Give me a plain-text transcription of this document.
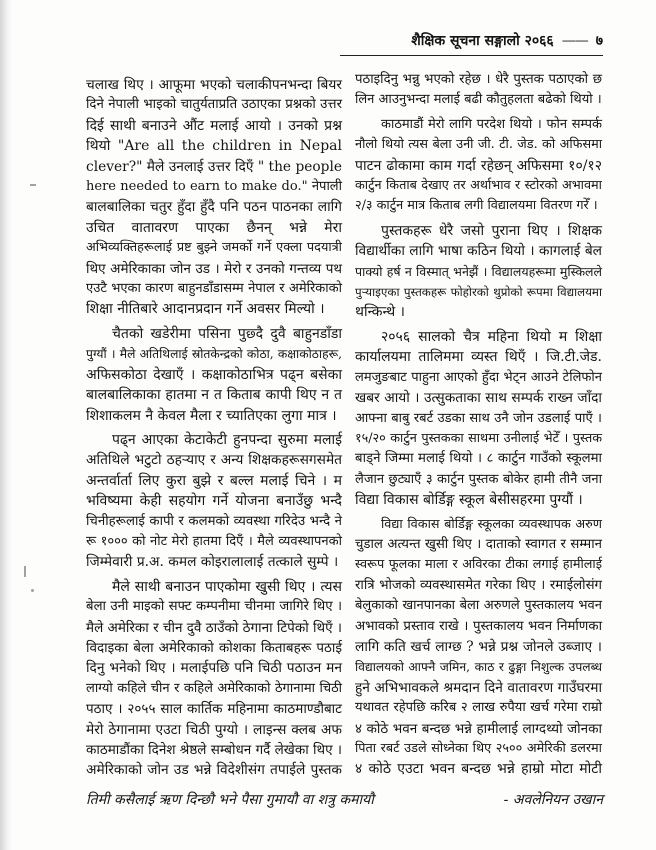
शैक्षिक सूचना सङ्गालो २०६६ —— ७
चलाख थिए । आफूमा भएको चलाकीपनभन्दा बियर
दिने नेपाली भाइको चातुर्यताप्रति उठाएका प्रश्नको उत्तर
दिई साथी बनाउने औंट मलाई आयो । उनको प्रश्न
थियो "Are all the children in Nepal
clever?" मैले उनलाई उत्तर दिएँ " the people
here needed to earn to make do." नेपाली
बालबालिका चतुर हुँदा हुँदै पनि पठन पाठनका लागि
उचित वातावरण पाएका छैनन् भन्ने मेरा
अभिव्यक्तिहरूलाई प्रष्ट बुझ्ने जमर्को गर्ने एक्ला पदयात्री
थिए अमेरिकाका जोन उड । मेरो र उनको गन्तव्य पथ
एउटै भएका कारण बाहुनडाँडासम्म नेपाल र अमेरिकाको
शिक्षा नीतिबारे आदानप्रदान गर्ने अवसर मिल्यो ।
चैतको खडेरीमा पसिना पुछ्दै दुवै बाहुनडाँडा
पुग्यौं । मैले अतिथिलाई स्रोतकेन्द्रको कोठा, कक्षाकोठाहरू,
अफिसकोठा देखाएँ । कक्षाकोठाभित्र पढ्न बसेका
बालबालिकाका हातमा न त किताब कापी थिए न त
शिशाकलम नै केवल मैला र च्यातिएका लुगा मात्र ।
पढ्न आएका केटाकेटी हुनपन्दा सुरुमा मलाई
अतिथिले भटुटो ठहऱ्याए र अन्य शिक्षकहरूसगसमेत
अन्तर्वार्ता लिए कुरा बुझे र बल्ल मलाई चिने । म
भविष्यमा केही सहयोग गर्ने योजना बनाउँछु भन्दै
चिनीहरूलाई कापी र कलमको व्यवस्था गरिदेउ भन्दै ने
रू १००० को नोट मेरो हातमा दिएँ । मैले व्यवस्थापनको
जिम्मेवारी प्र.अ. कमल कोइरालालाई तत्काले सुम्पे ।
मैले साथी बनाउन पाएकोमा खुसी थिए । त्यस
बेला उनी माइको सफ्ट कम्पनीमा चीनमा जागिरे थिए ।
मैले अमेरिका र चीन दुवै ठाउँको ठेगाना टिपेको थिएँ ।
विदाइका बेला अमेरिकाको कोशका किताबहरू पठाई
दिनु भनेको थिए । मलाईपछि पनि चिठी पठाउन मन
लाग्यो कहिले चीन र कहिले अमेरिकाको ठेगानामा चिठी
पठाए । २०५५ साल कार्तिक महिनामा काठमाण्डौबाट
मेरो ठेगानामा एउटा चिठी पुग्यो । लाइन्स क्लब अफ
काठमाडौंका दिनेश श्रेष्ठले सम्बोधन गर्दै लेखेका थिए ।
अमेरिकाको जोन उड भन्ने विदेशीसंग तपाईले पुस्तक
पठाइदिनु भन्नु भएको रहेछ । धेरै पुस्तक पठाएको छ
लिन आउनुभन्दा मलाई बढी कौतुहलता बढेको थियो ।
काठमाडौं मेरो लागि परदेश थियो । फोन सम्पर्क
नौलो थियो त्यस बेला उनी जी. टी. जेड. को अफिसमा
पाटन ढोकामा काम गर्दा रहेछन् अफिसमा १०/१२
कार्टुन किताब देखाए तर अर्थाभाव र स्टोरको अभावमा
२/३ कार्टुन मात्र किताब लगी विद्यालयमा वितरण गरेँ ।
पुस्तकहरू धेरै जसो पुराना थिए । शिक्षक
विद्यार्थीका लागि भाषा कठिन थियो । कागलाई बेल
पाक्यो हर्ष न विस्मात् भनेझैं । विद्यालयहरूमा मुस्किलले
पुऱ्याइएका पुस्तकहरू फोहोरको थुप्रोको रूपमा विद्यालयमा
थन्किन्थे ।
२०५६ सालको चैत्र महिना थियो म शिक्षा
कार्यालयमा तालिममा व्यस्त थिएँ । जि.टी.जेड.
लमजुङबाट पाहुना आएको हुँदा भेट्न आउने टेलिफोन
खबर आयो । उत्सुकताका साथ सम्पर्क राख्न जाँदा
आफ्ना बाबु रबर्ट उडका साथ उनै जोन उडलाई पाएँ ।
१५/२० कार्टुन पुस्तकका साथमा उनीलाई भेटेँ । पुस्तक
बाड्ने जिम्मा मलाई थियो । ८ कार्टुन गाउँको स्कूलमा
लैजान छुट्याएँ ३ कार्टुन पुस्तक बोकेर हामी तीनै जना
विद्या विकास बोर्डिङ्ग स्कूल बेसीसहरमा पुग्यौं ।
विद्या विकास बोर्डिङ्ग स्कूलका व्यवस्थापक अरुण
चुडाल अत्यन्त खुसी थिए । दाताको स्वागत र सम्मान
स्वरूप फूलका माला र अविरका टीका लगाई हामीलाई
रात्रि भोजको व्यवस्थासमेत गरेका थिए । रमाईलोसंग
बेलुकाको खानपानका बेला अरुणले पुस्तकालय भवन
अभावको प्रस्ताव राखे । पुस्तकालय भवन निर्माणका
लागि कति खर्च लाग्छ ? भन्ने प्रश्न जोनले उब्जाए ।
विद्यालयको आफ्नै जमिन, काठ र ढुङ्गा निशुल्क उपलब्ध
हुने अभिभावकले श्रमदान दिने वातावरण गाउँघरमा
यथावत रहेपछि करिब २ लाख रुपैया खर्च गरेमा राम्रो
४ कोठे भवन बन्दछ भन्ने हामीलाई लाग्दथ्यो जोनका
पिता रबर्ट उडले सोध्नेका थिए २५०० अमेरिकी डलरमा
४ कोठे एउटा भवन बन्दछ भन्ने हाम्रो मोटा मोटी
तिमी कसैलाई ऋण दिन्छौ भने पैसा गुमायौ वा शत्रु कमायौ	- अवलेनियन उखान
